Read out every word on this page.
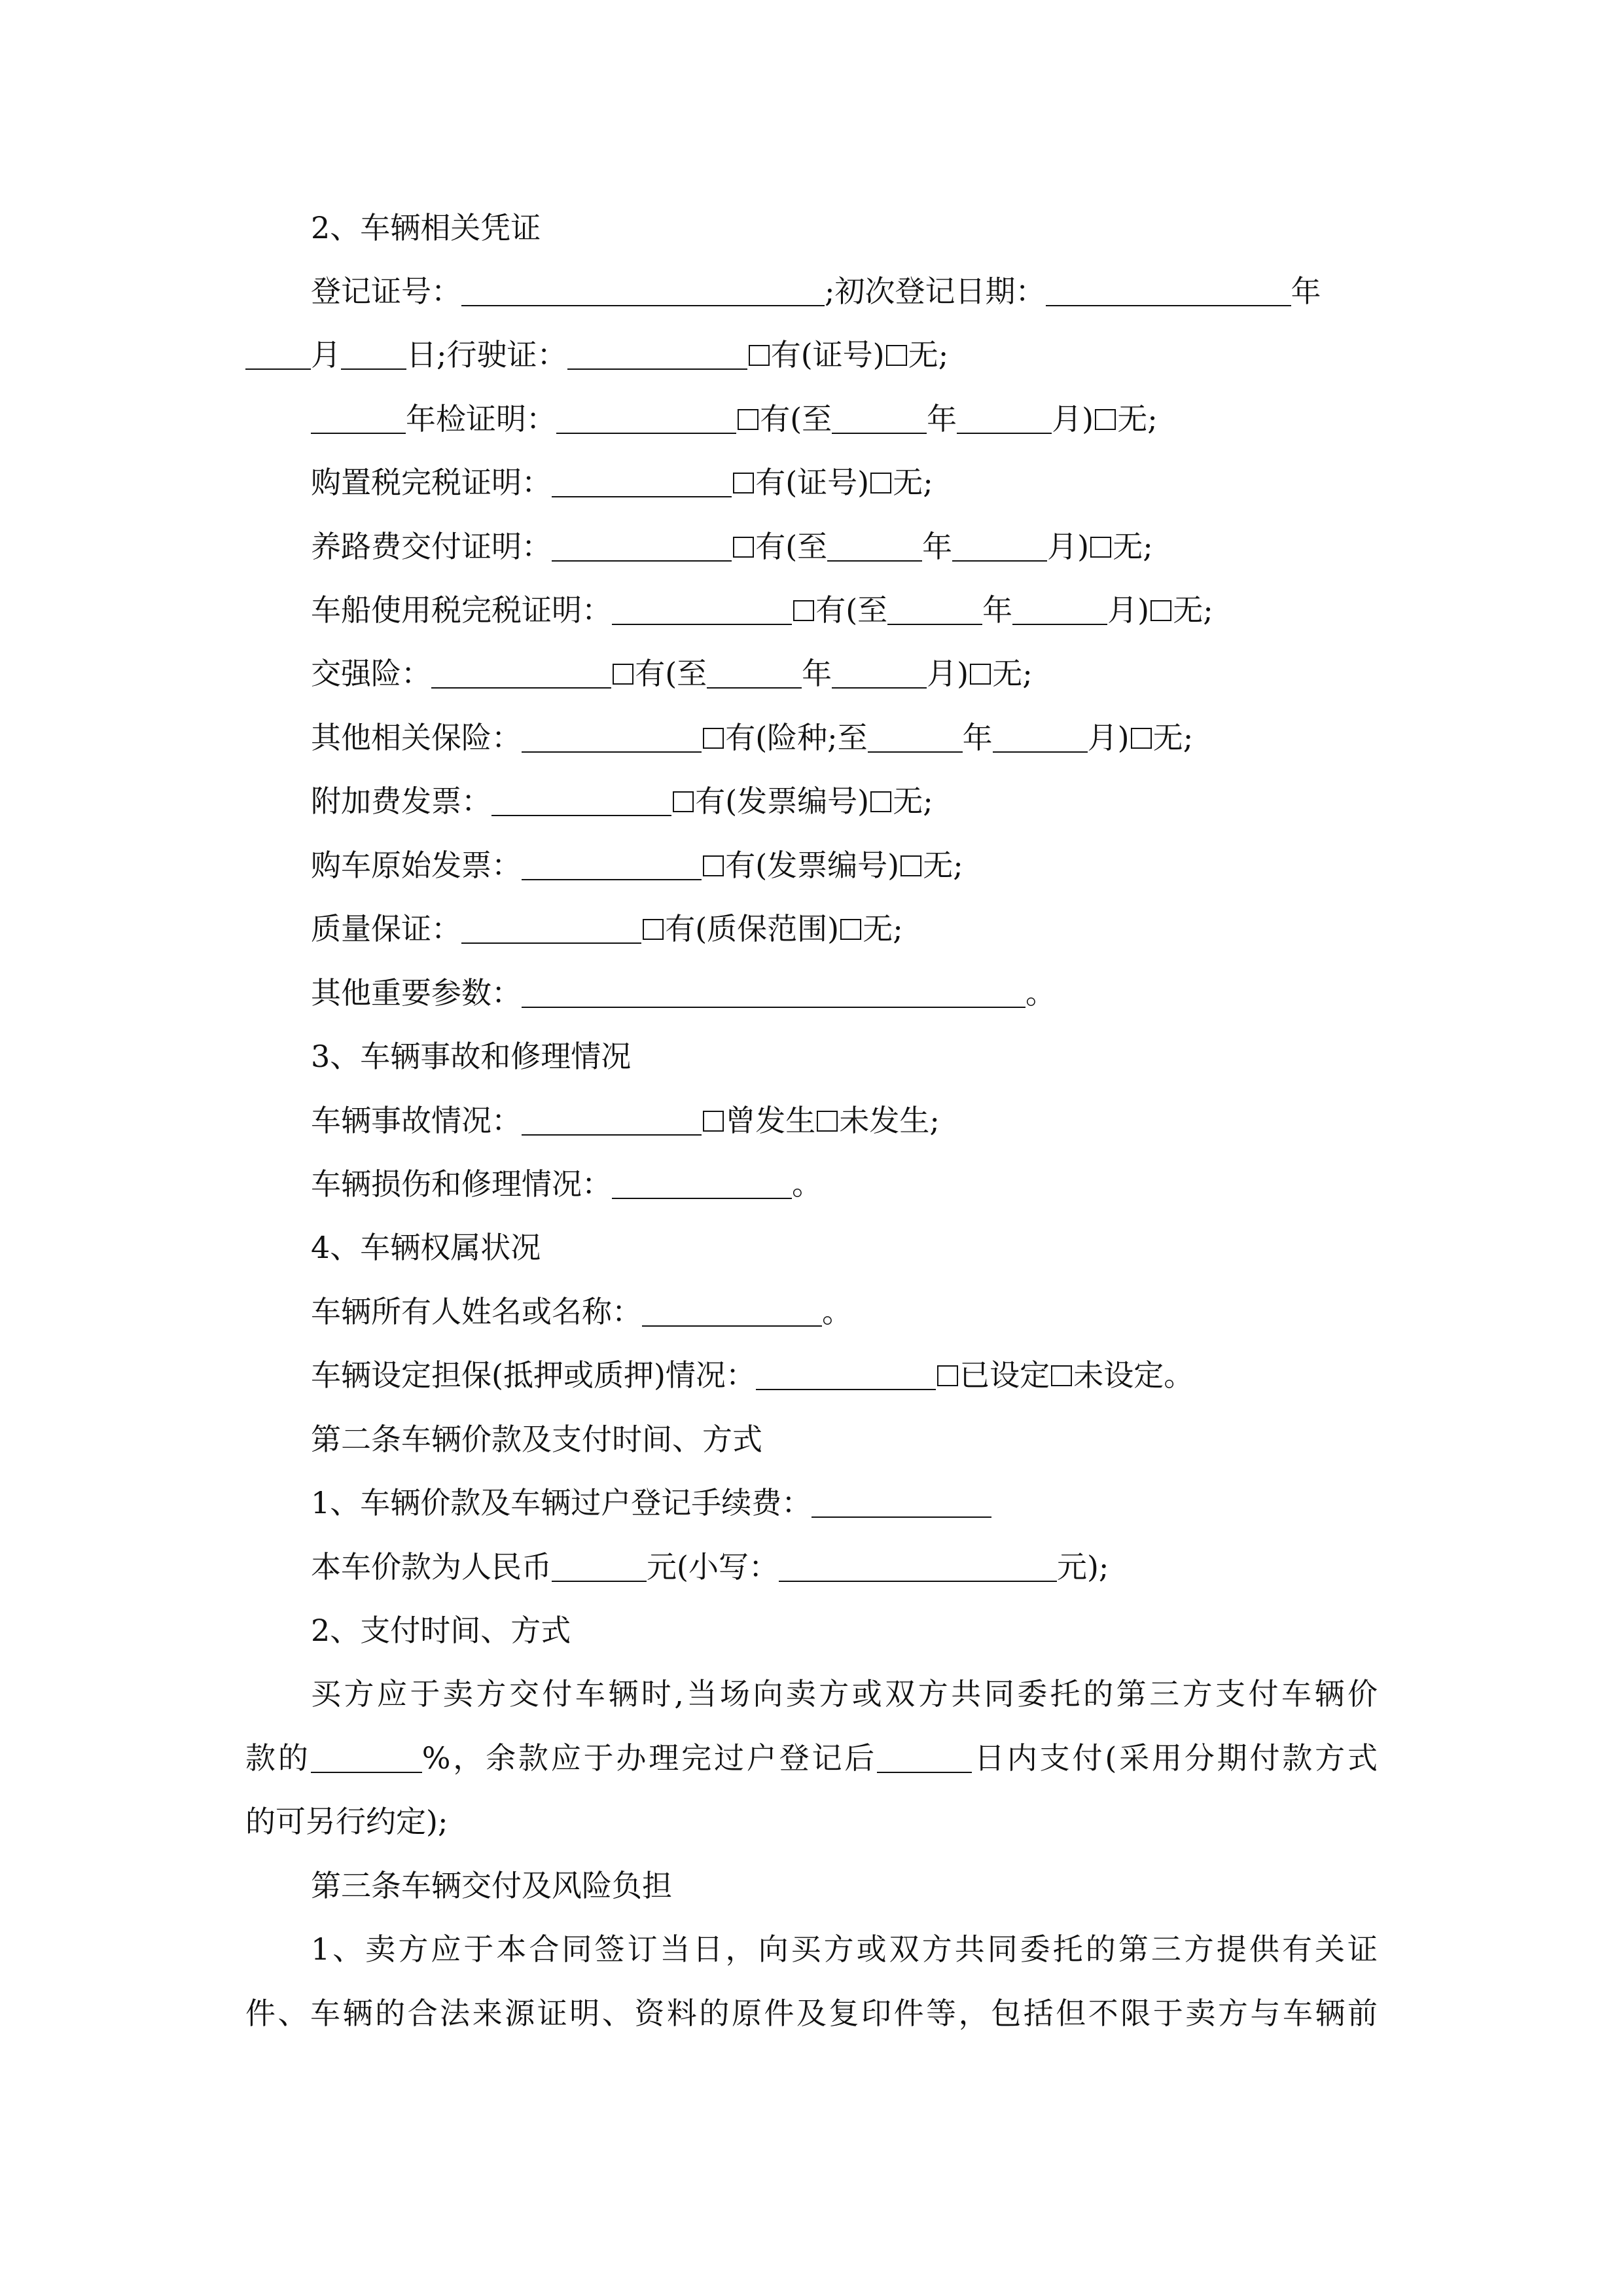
2、车辆相关凭证
登记证号：	;初次登记日期：	年
月 日;行驶证：	有(证号) 无;
年检证明：	有(至	年	月) 无;
购置税完税证明：	有(证号) 无;
养路费交付证明：	有(至	年	月) 无;
车船使用税完税证明：	有(至	年	月) 无;
交强险：	有(至	年	月) 无;
其他相关保险：	有(险种;至	年	月) 无;
附加费发票：	有(发票编号) 无;
购车原始发票：	有(发票编号) 无;
质量保证：	有(质保范围) 无;
其他重要参数：	。
3、车辆事故和修理情况
车辆事故情况：	曾发生 未发生;
车辆损伤和修理情况：	。
4、车辆权属状况
车辆所有人姓名或名称：	。
车辆设定担保(抵押或质押)情况：	已设定 未设定。
第二条车辆价款及支付时间、方式
1、车辆价款及车辆过户登记手续费：
本车价款为人民币	元(小写：	元);
2、支付时间、方式
买方应于卖方交付车辆时,当场向卖方或双方共同委托的第三方支付车辆价
款的	%，余款应于办理完过户登记后	日内支付(采用分期付款方式
的可另行约定);
第三条车辆交付及风险负担
1、卖方应于本合同签订当日，向买方或双方共同委托的第三方提供有关证
件、车辆的合法来源证明、资料的原件及复印件等，包括但不限于卖方与车辆前
